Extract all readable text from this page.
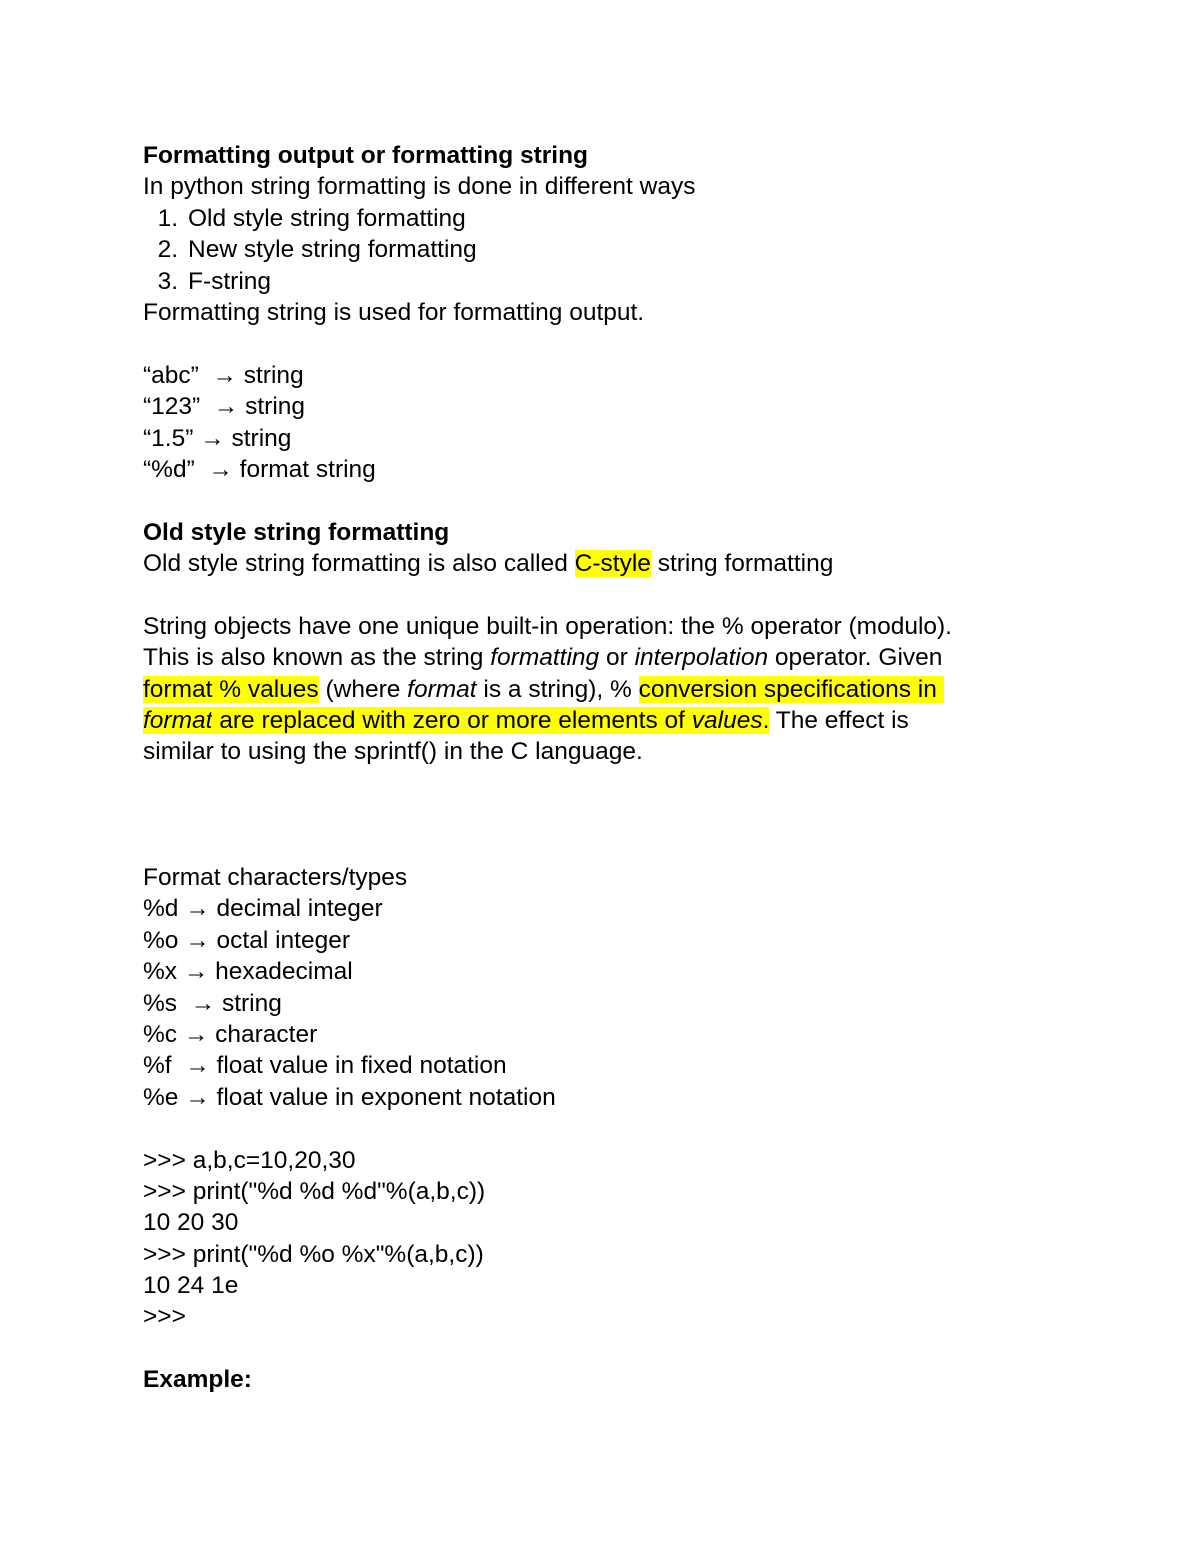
Formatting output or formatting string
In python string formatting is done in different ways
1. Old style string formatting
2. New style string formatting
3. F-string
Formatting string is used for formatting output.
“abc”  → string
“123”  → string
“1.5” → string
“%d”  → format string
Old style string formatting
Old style string formatting is also called C-style string formatting
String objects have one unique built-in operation: the % operator (modulo).
This is also known as the string formatting or interpolation operator. Given
format % values (where format is a string), % conversion specifications in
format are replaced with zero or more elements of values. The effect is
similar to using the sprintf() in the C language.
Format characters/types
%d → decimal integer
%o → octal integer
%x → hexadecimal
%s  → string
%c → character
%f  → float value in fixed notation
%e → float value in exponent notation
>>> a,b,c=10,20,30
>>> print("%d %d %d"%(a,b,c))
10 20 30
>>> print("%d %o %x"%(a,b,c))
10 24 1e
>>>
Example:
